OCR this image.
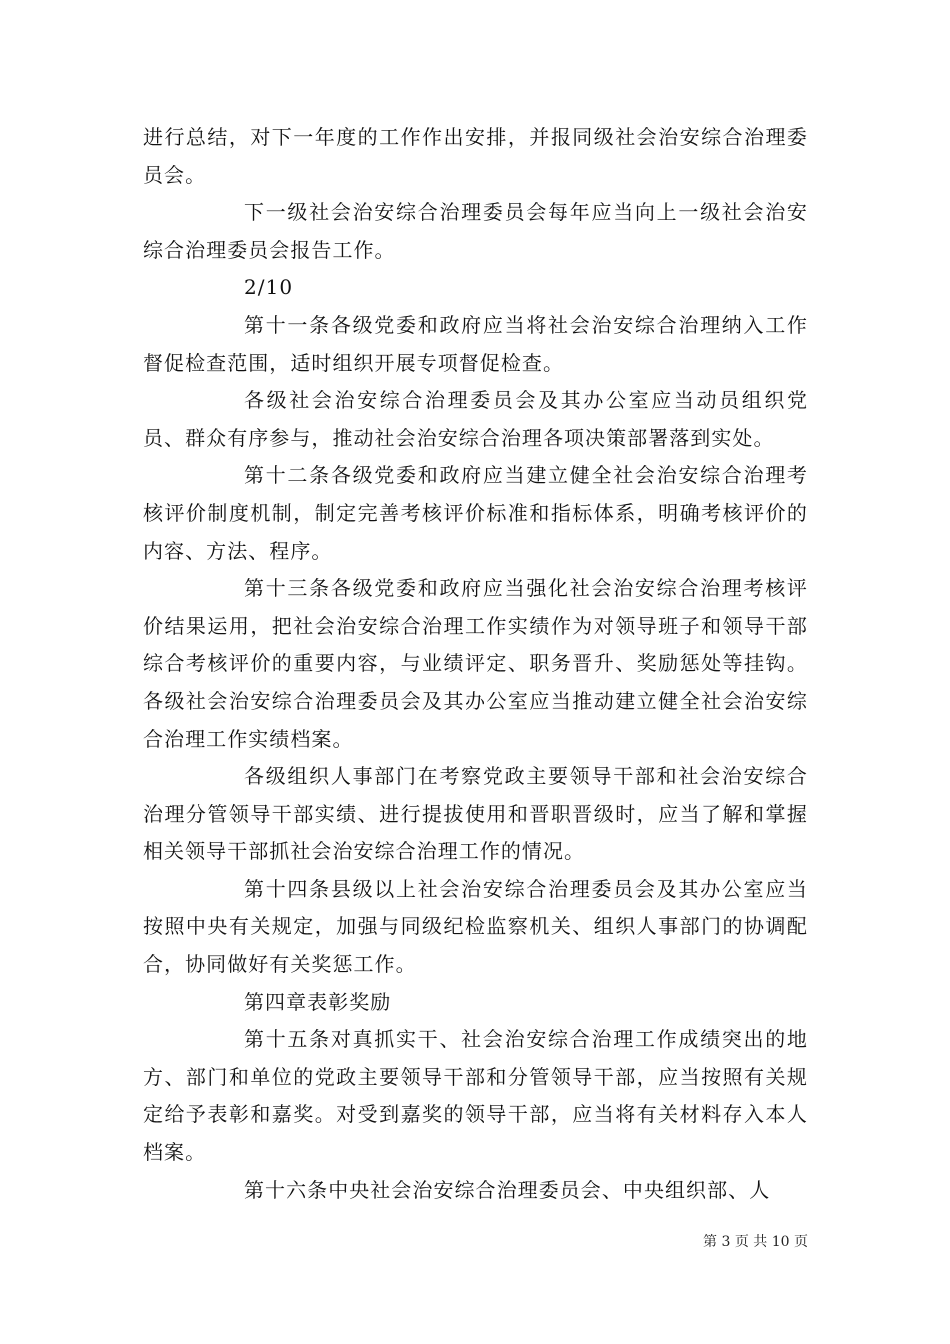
进行总结，对下一年度的工作作出安排，并报同级社会治安综合治理委员会。

下一级社会治安综合治理委员会每年应当向上一级社会治安综合治理委员会报告工作。

2/10

第十一条各级党委和政府应当将社会治安综合治理纳入工作督促检查范围，适时组织开展专项督促检查。

各级社会治安综合治理委员会及其办公室应当动员组织党员、群众有序参与，推动社会治安综合治理各项决策部署落到实处。

第十二条各级党委和政府应当建立健全社会治安综合治理考核评价制度机制，制定完善考核评价标准和指标体系，明确考核评价的内容、方法、程序。

第十三条各级党委和政府应当强化社会治安综合治理考核评价结果运用，把社会治安综合治理工作实绩作为对领导班子和领导干部综合考核评价的重要内容，与业绩评定、职务晋升、奖励惩处等挂钩。各级社会治安综合治理委员会及其办公室应当推动建立健全社会治安综合治理工作实绩档案。

各级组织人事部门在考察党政主要领导干部和社会治安综合治理分管领导干部实绩、进行提拔使用和晋职晋级时，应当了解和掌握相关领导干部抓社会治安综合治理工作的情况。

第十四条县级以上社会治安综合治理委员会及其办公室应当按照中央有关规定，加强与同级纪检监察机关、组织人事部门的协调配合，协同做好有关奖惩工作。

第四章表彰奖励

第十五条对真抓实干、社会治安综合治理工作成绩突出的地方、部门和单位的党政主要领导干部和分管领导干部，应当按照有关规定给予表彰和嘉奖。对受到嘉奖的领导干部，应当将有关材料存入本人档案。

第十六条中央社会治安综合治理委员会、中央组织部、人

第 3 页 共 10 页
